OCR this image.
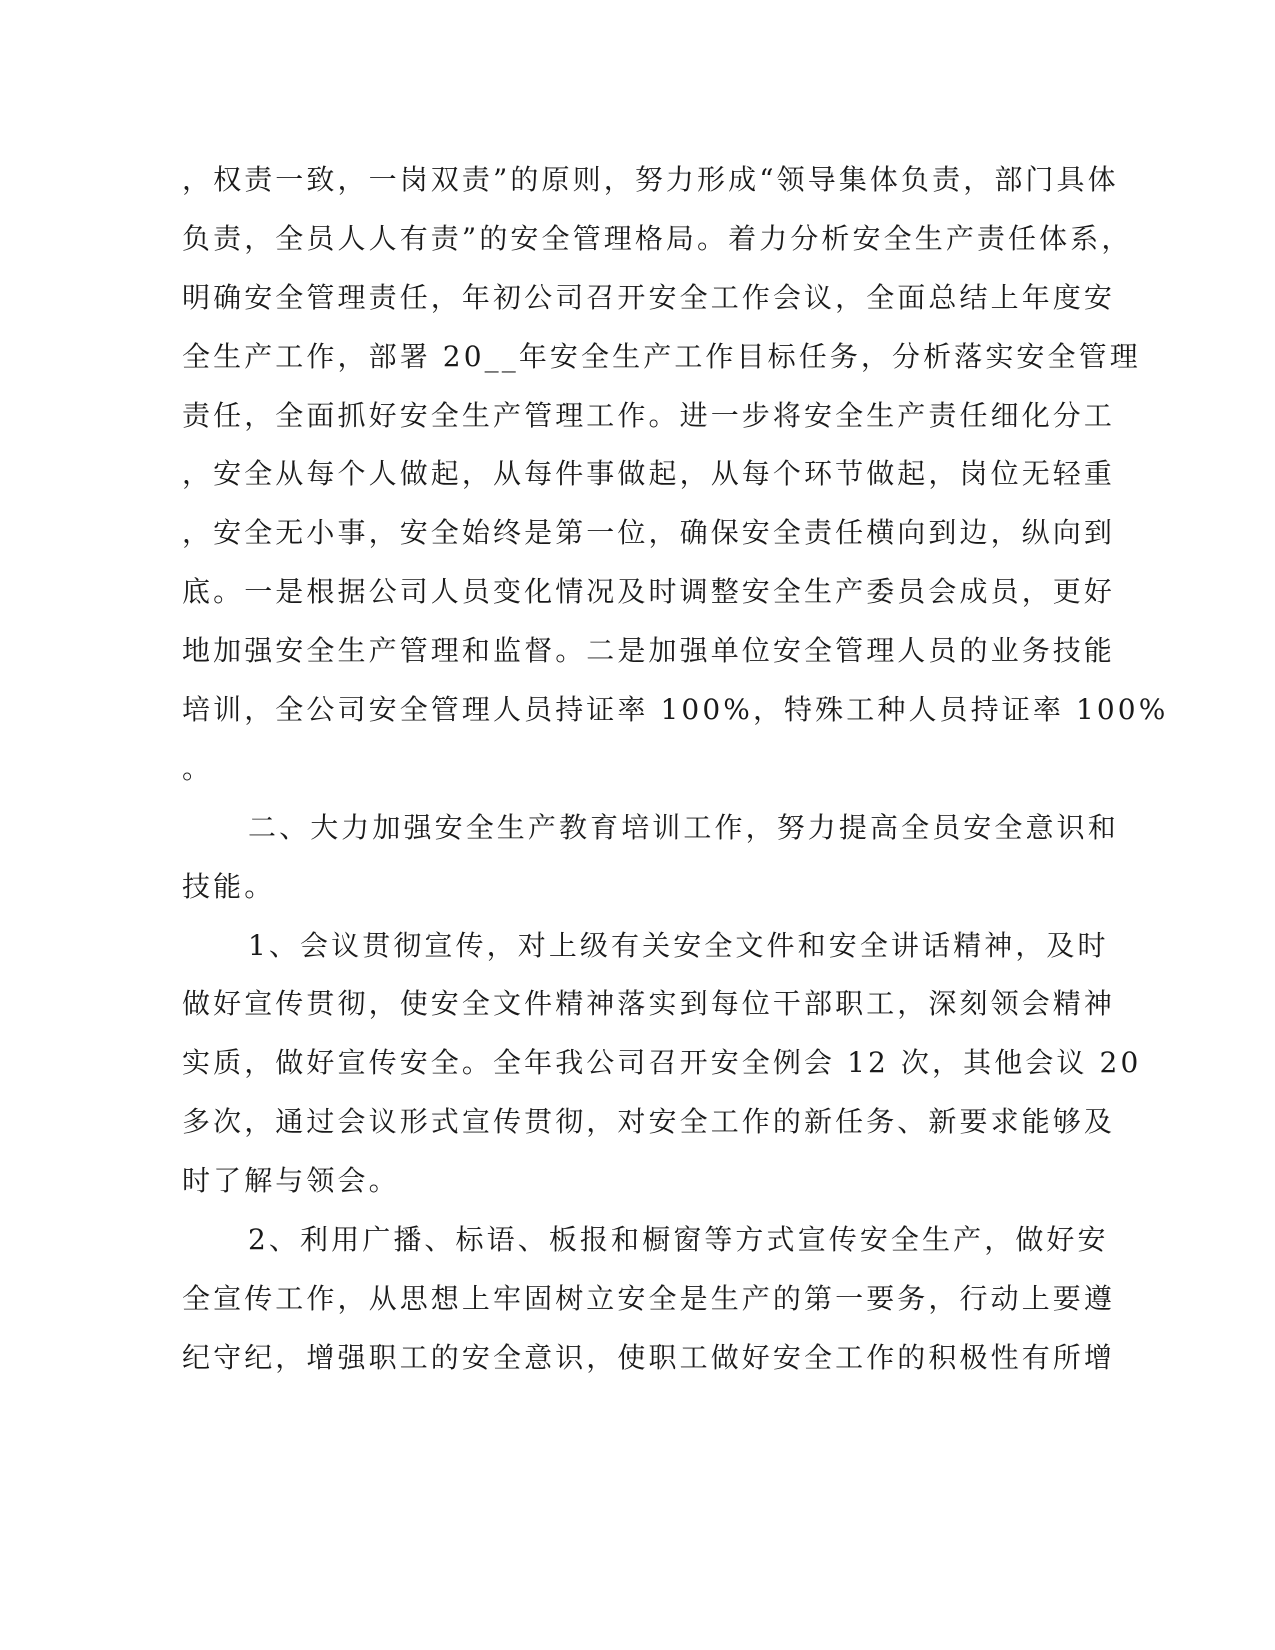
，权责一致，一岗双责”的原则，努力形成“领导集体负责，部门具体
负责，全员人人有责”的安全管理格局。着力分析安全生产责任体系，
明确安全管理责任，年初公司召开安全工作会议，全面总结上年度安
全生产工作，部署 20__年安全生产工作目标任务，分析落实安全管理
责任，全面抓好安全生产管理工作。进一步将安全生产责任细化分工
，安全从每个人做起，从每件事做起，从每个环节做起，岗位无轻重
，安全无小事，安全始终是第一位，确保安全责任横向到边，纵向到
底。一是根据公司人员变化情况及时调整安全生产委员会成员，更好
地加强安全生产管理和监督。二是加强单位安全管理人员的业务技能
培训，全公司安全管理人员持证率 100%，特殊工种人员持证率 100%
。
二、大力加强安全生产教育培训工作，努力提高全员安全意识和
技能。
1、会议贯彻宣传，对上级有关安全文件和安全讲话精神，及时
做好宣传贯彻，使安全文件精神落实到每位干部职工，深刻领会精神
实质，做好宣传安全。全年我公司召开安全例会 12 次，其他会议 20
多次，通过会议形式宣传贯彻，对安全工作的新任务、新要求能够及
时了解与领会。
2、利用广播、标语、板报和橱窗等方式宣传安全生产，做好安
全宣传工作，从思想上牢固树立安全是生产的第一要务，行动上要遵
纪守纪，增强职工的安全意识，使职工做好安全工作的积极性有所增
